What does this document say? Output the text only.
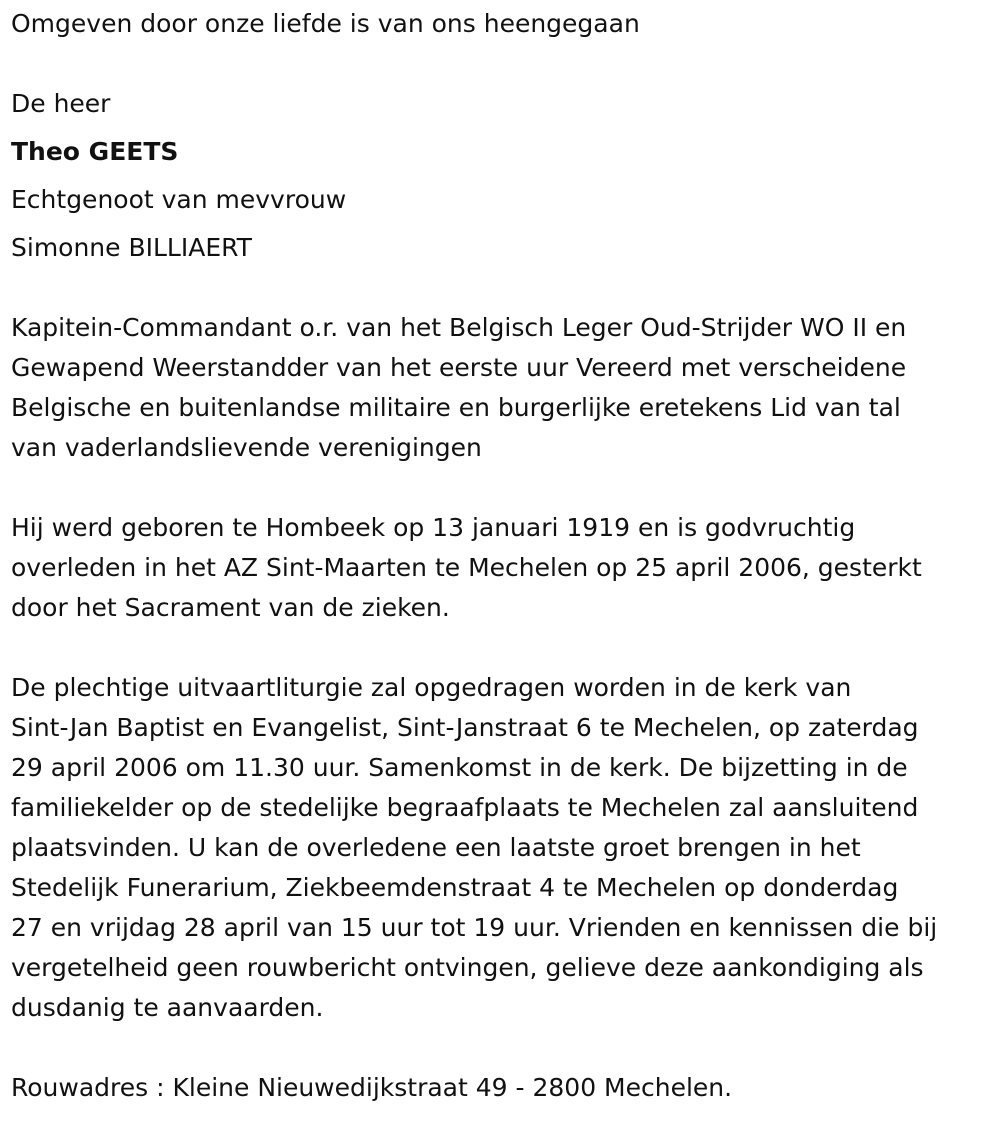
Omgeven door onze liefde is van ons heengegaan

De heer

Theo GEETS

Echtgenoot van mevvrouw

Simonne BILLIAERT

Kapitein-Commandant o.r. van het Belgisch Leger Oud-Strijder WO II en

Gewapend Weerstandder van het eerste uur Vereerd met verscheidene

Belgische en buitenlandse militaire en burgerlijke eretekens Lid van tal

van vaderlandslievende verenigingen

Hij werd geboren te Hombeek op 13 januari 1919 en is godvruchtig

overleden in het AZ Sint-Maarten te Mechelen op 25 april 2006, gesterkt

door het Sacrament van de zieken.

De plechtige uitvaartliturgie zal opgedragen worden in de kerk van

Sint-Jan Baptist en Evangelist, Sint-Janstraat 6 te Mechelen, op zaterdag

29 april 2006 om 11.30 uur. Samenkomst in de kerk. De bijzetting in de

familiekelder op de stedelijke begraafplaats te Mechelen zal aansluitend

plaatsvinden. U kan de overledene een laatste groet brengen in het

Stedelijk Funerarium, Ziekbeemdenstraat 4 te Mechelen op donderdag

27 en vrijdag 28 april van 15 uur tot 19 uur. Vrienden en kennissen die bij

vergetelheid geen rouwbericht ontvingen, gelieve deze aankondiging als

dusdanig te aanvaarden.

Rouwadres : Kleine Nieuwedijkstraat 49 - 2800 Mechelen.
